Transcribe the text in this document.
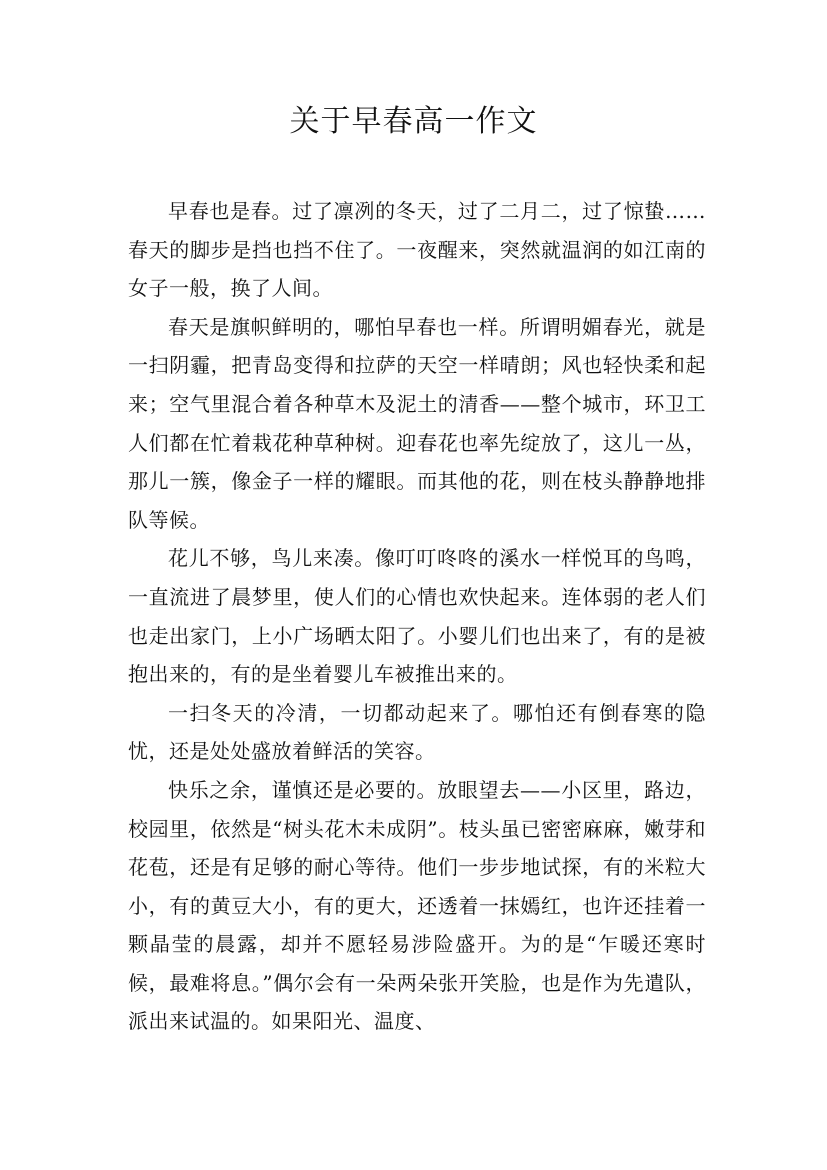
关于早春高一作文

早春也是春。过了凛冽的冬天，过了二月二，过了惊蛰……春天的脚步是挡也挡不住了。一夜醒来，突然就温润的如江南的女子一般，换了人间。

春天是旗帜鲜明的，哪怕早春也一样。所谓明媚春光，就是一扫阴霾，把青岛变得和拉萨的天空一样晴朗；风也轻快柔和起来；空气里混合着各种草木及泥土的清香——整个城市，环卫工人们都在忙着栽花种草种树。迎春花也率先绽放了，这儿一丛，那儿一簇，像金子一样的耀眼。而其他的花，则在枝头静静地排队等候。

花儿不够，鸟儿来凑。像叮叮咚咚的溪水一样悦耳的鸟鸣，一直流进了晨梦里，使人们的心情也欢快起来。连体弱的老人们也走出家门，上小广场晒太阳了。小婴儿们也出来了，有的是被抱出来的，有的是坐着婴儿车被推出来的。

一扫冬天的冷清，一切都动起来了。哪怕还有倒春寒的隐忧，还是处处盛放着鲜活的笑容。

快乐之余，谨慎还是必要的。放眼望去——小区里，路边，校园里，依然是“树头花木未成阴”。枝头虽已密密麻麻，嫩芽和花苞，还是有足够的耐心等待。他们一步步地试探，有的米粒大小，有的黄豆大小，有的更大，还透着一抹嫣红，也许还挂着一颗晶莹的晨露，却并不愿轻易涉险盛开。为的是“乍暖还寒时候，最难将息。”偶尔会有一朵两朵张开笑脸，也是作为先遣队，派出来试温的。如果阳光、温度、
